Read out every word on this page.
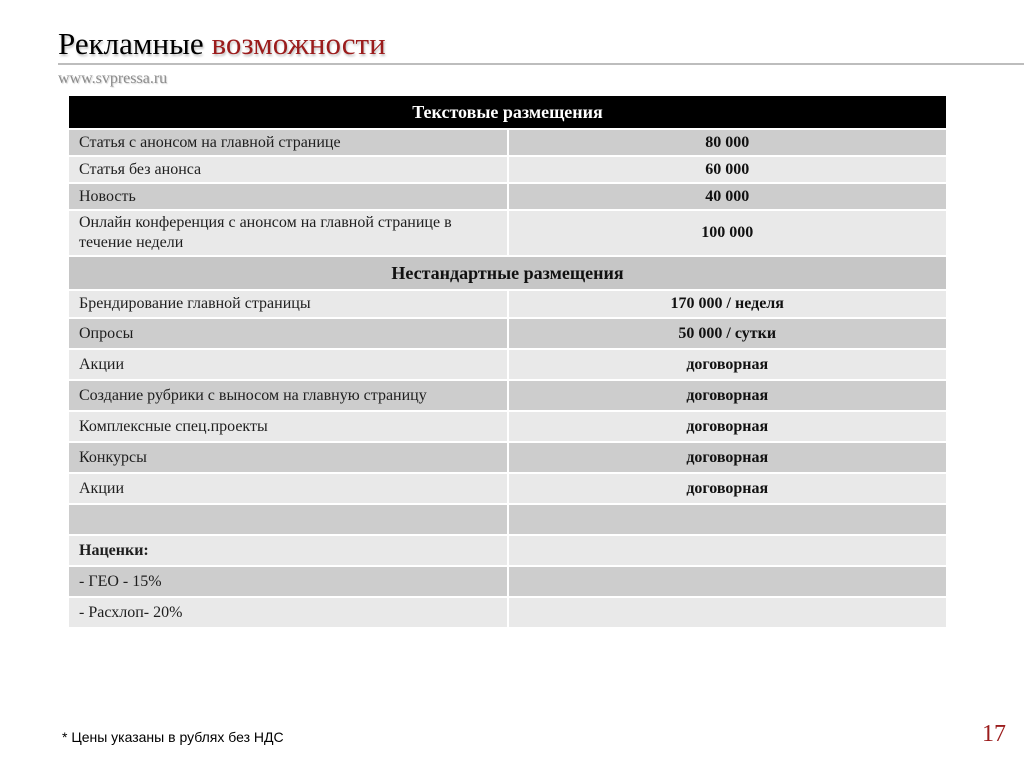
Рекламные возможности
www.svpressa.ru
Текстовые размещения	
Статья с анонсом на главной странице	80 000
Статья без анонса	60 000
Новость	40 000
Онлайн конференция с анонсом на главной странице в течение недели	100 000
Нестандартные размещения	
Брендирование главной страницы	170 000 / неделя
Опросы	50 000 / сутки
Акции	договорная
Создание рубрики с выносом на главную страницу	договорная
Комплексные спец.проекты	договорная
Конкурсы	договорная
Акции	договорная

Наценки:	
- ГЕО - 15%	
- Расхлоп- 20%	
* Цены указаны в рублях без НДС	17
